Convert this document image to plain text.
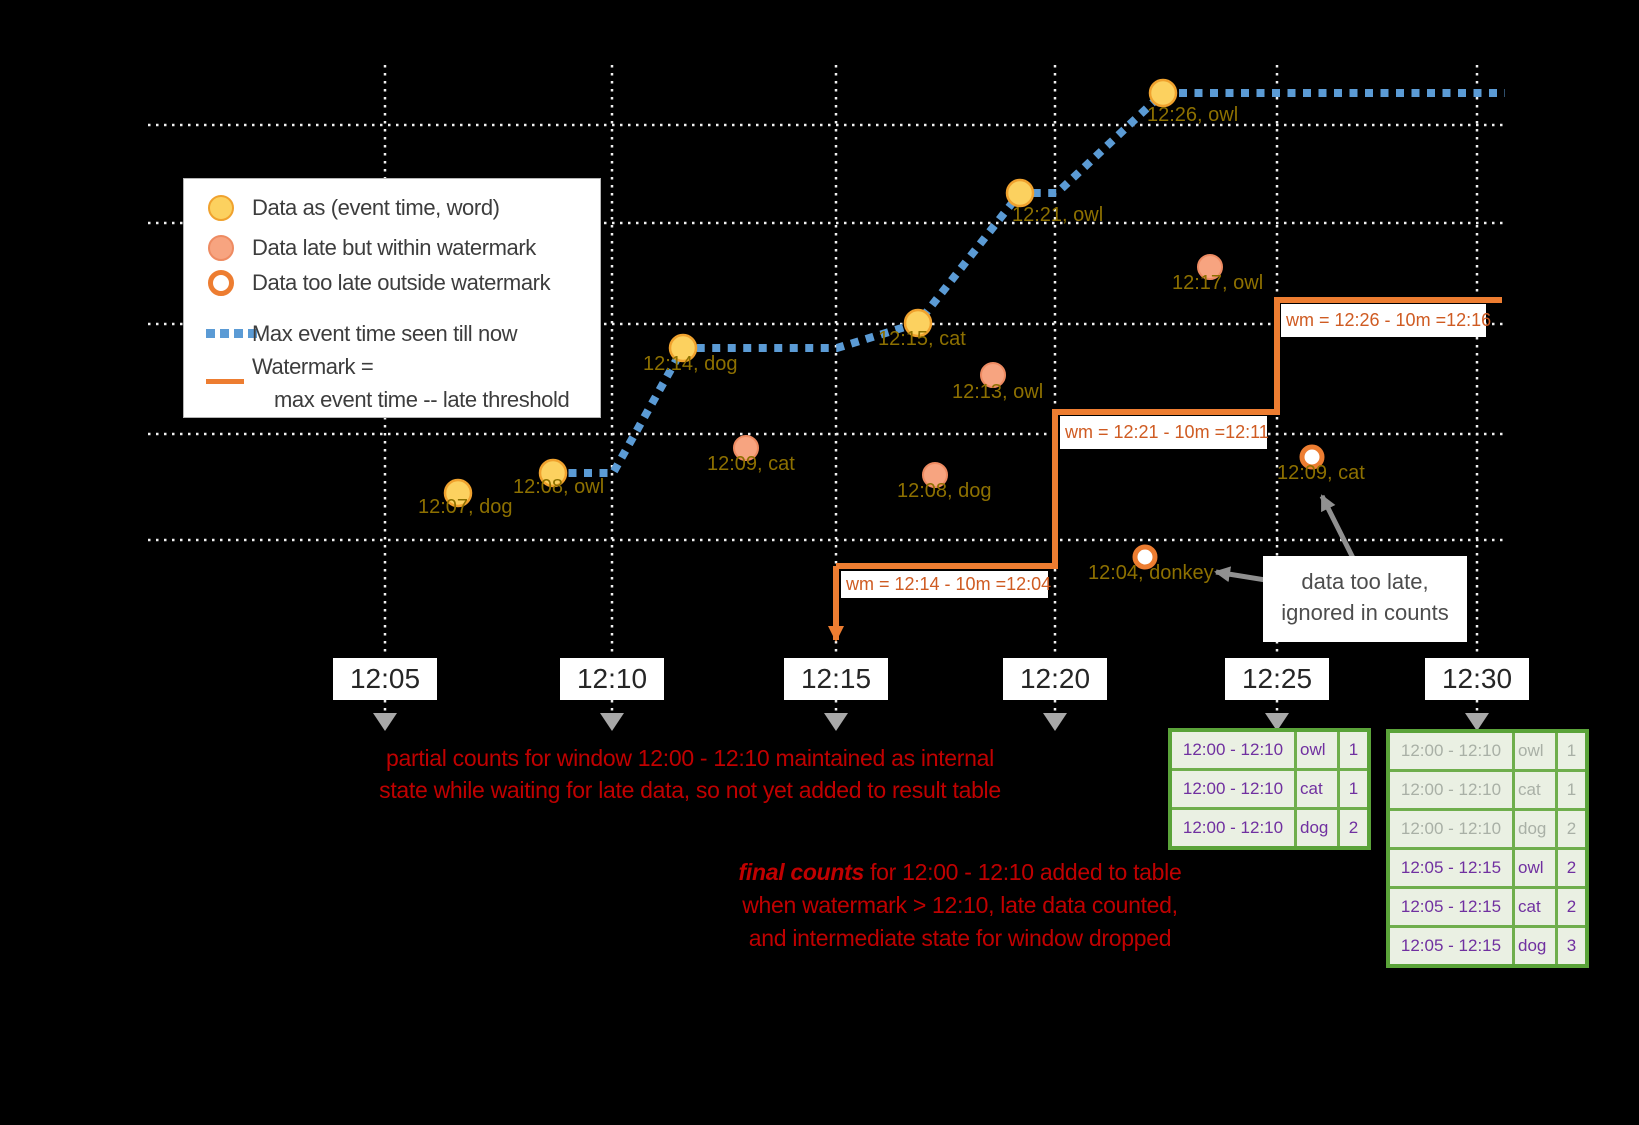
12:07, dog
12:08, owl
12:14, dog
12:15, cat
12:21, owl
12:26, owl
12:09, cat
12:08, dog
12:13, owl
12:17, owl
12:04, donkey
12:09, cat
Data as (event time, word)
Data late but within watermark
Data too late outside watermark
Max event time seen till now
Watermark =
max event time -- late threshold
wm = 12:14 - 10m =12:04
wm = 12:21 - 10m =12:11
wm = 12:26 - 10m =12:16
12:05	12:10	12:15	12:20	12:25	12:30
data too late,
ignored in counts
partial counts for window 12:00 - 12:10 maintained as internal
state while waiting for late data, so not yet added to result table
final counts for 12:00 - 12:10 added to table
when watermark > 12:10, late data counted,
and intermediate state for window dropped
12:00 - 12:10	owl	1
12:00 - 12:10	cat	1
12:00 - 12:10	dog	2
12:00 - 12:10	owl	1
12:00 - 12:10	cat	1
12:00 - 12:10	dog	2
12:05 - 12:15	owl	2
12:05 - 12:15	cat	2
12:05 - 12:15	dog	3
